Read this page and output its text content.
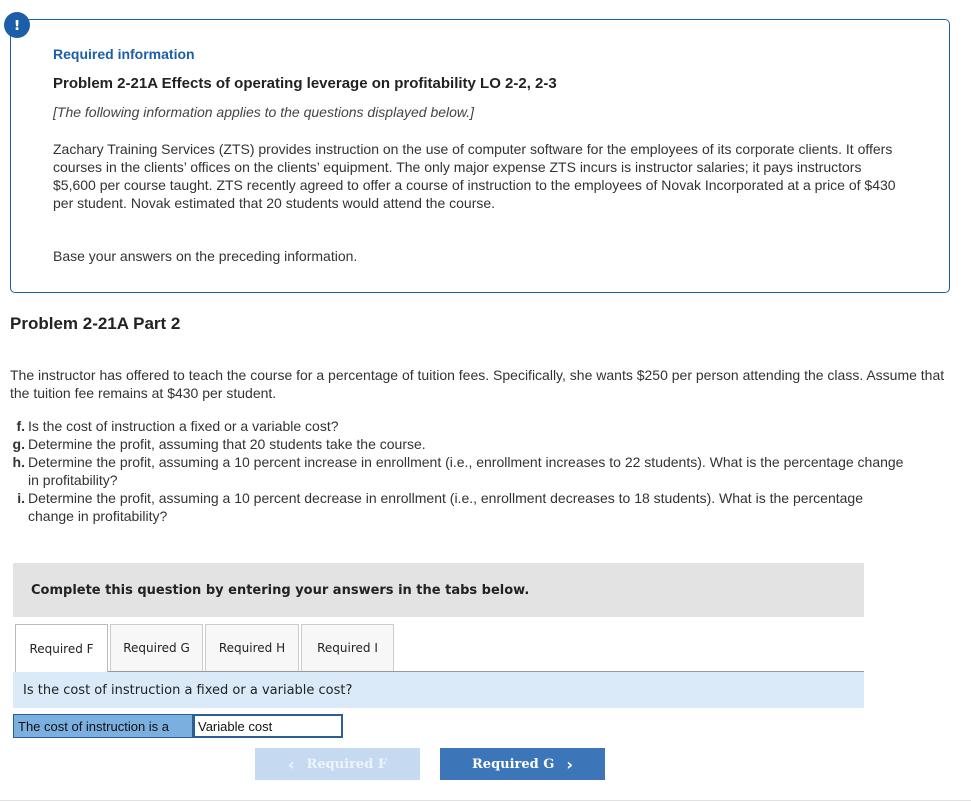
!
Required information
Problem 2-21A Effects of operating leverage on profitability LO 2-2, 2-3
[The following information applies to the questions displayed below.]
Zachary Training Services (ZTS) provides instruction on the use of computer software for the employees of its corporate clients. It offers courses in the clients’ offices on the clients’ equipment. The only major expense ZTS incurs is instructor salaries; it pays instructors $5,600 per course taught. ZTS recently agreed to offer a course of instruction to the employees of Novak Incorporated at a price of $430 per student. Novak estimated that 20 students would attend the course.
Base your answers on the preceding information.
Problem 2-21A Part 2
The instructor has offered to teach the course for a percentage of tuition fees. Specifically, she wants $250 per person attending the class. Assume that the tuition fee remains at $430 per student.
f. Is the cost of instruction a fixed or a variable cost?
g. Determine the profit, assuming that 20 students take the course.
h. Determine the profit, assuming a 10 percent increase in enrollment (i.e., enrollment increases to 22 students). What is the percentage change in profitability?
i. Determine the profit, assuming a 10 percent decrease in enrollment (i.e., enrollment decreases to 18 students). What is the percentage change in profitability?
Complete this question by entering your answers in the tabs below.
Required F	Required G	Required H	Required I
Is the cost of instruction a fixed or a variable cost?
The cost of instruction is a
Variable cost
‹ Required F	Required G ›
